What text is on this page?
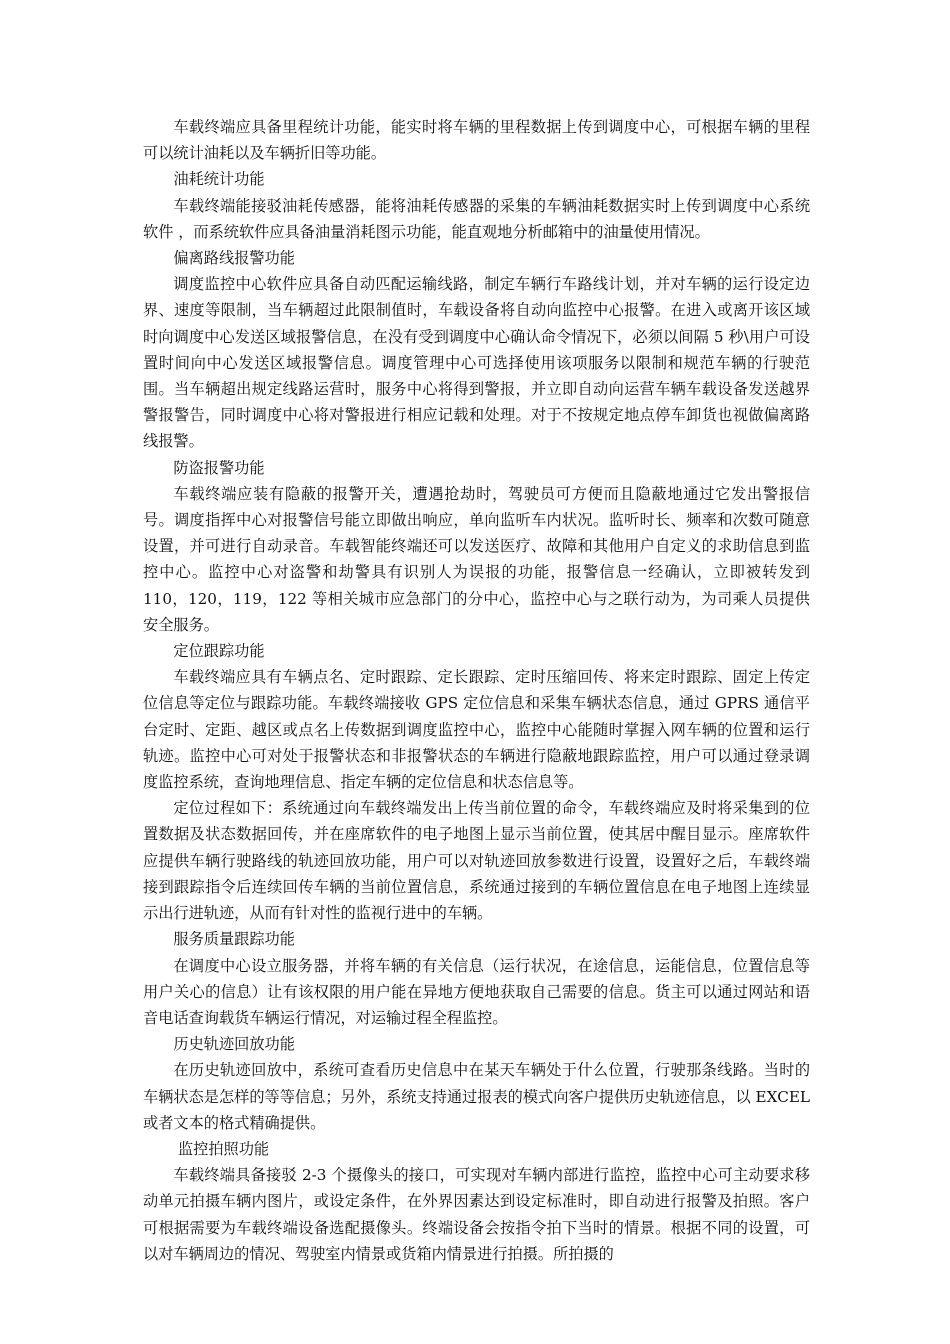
车载终端应具备里程统计功能，能实时将车辆的里程数据上传到调度中心，可根据车辆的里程可以统计油耗以及车辆折旧等功能。

油耗统计功能

车载终端能接驳油耗传感器，能将油耗传感器的采集的车辆油耗数据实时上传到调度中心系统软件 ，而系统软件应具备油量消耗图示功能，能直观地分析邮箱中的油量使用情况。

偏离路线报警功能

调度监控中心软件应具备自动匹配运输线路，制定车辆行车路线计划，并对车辆的运行设定边界、速度等限制，当车辆超过此限制值时，车载设备将自动向监控中心报警。在进入或离开该区域时向调度中心发送区域报警信息，在没有受到调度中心确认命令情况下，必须以间隔 5 秒\用户可设置时间向中心发送区域报警信息。调度管理中心可选择使用该项服务以限制和规范车辆的行驶范围。当车辆超出规定线路运营时，服务中心将得到警报，并立即自动向运营车辆车载设备发送越界警报警告，同时调度中心将对警报进行相应记载和处理。对于不按规定地点停车卸货也视做偏离路线报警。

防盗报警功能

车载终端应装有隐蔽的报警开关，遭遇抢劫时，驾驶员可方便而且隐蔽地通过它发出警报信号。调度指挥中心对报警信号能立即做出响应，单向监听车内状况。监听时长、频率和次数可随意设置，并可进行自动录音。车载智能终端还可以发送医疗、故障和其他用户自定义的求助信息到监控中心。监控中心对盗警和劫警具有识别人为误报的功能，报警信息一经确认，立即被转发到 110，120，119，122 等相关城市应急部门的分中心，监控中心与之联行动为，为司乘人员提供安全服务。

定位跟踪功能

车载终端应具有车辆点名、定时跟踪、定长跟踪、定时压缩回传、将来定时跟踪、固定上传定位信息等定位与跟踪功能。车载终端接收 GPS 定位信息和采集车辆状态信息，通过 GPRS 通信平台定时、定距、越区或点名上传数据到调度监控中心，监控中心能随时掌握入网车辆的位置和运行轨迹。监控中心可对处于报警状态和非报警状态的车辆进行隐蔽地跟踪监控，用户可以通过登录调度监控系统，查询地理信息、指定车辆的定位信息和状态信息等。

定位过程如下：系统通过向车载终端发出上传当前位置的命令，车载终端应及时将采集到的位置数据及状态数据回传，并在座席软件的电子地图上显示当前位置，使其居中醒目显示。座席软件应提供车辆行驶路线的轨迹回放功能，用户可以对轨迹回放参数进行设置，设置好之后，车载终端接到跟踪指令后连续回传车辆的当前位置信息，系统通过接到的车辆位置信息在电子地图上连续显示出行进轨迹，从而有针对性的监视行进中的车辆。

服务质量跟踪功能

在调度中心设立服务器，并将车辆的有关信息（运行状况，在途信息，运能信息，位置信息等用户关心的信息）让有该权限的用户能在异地方便地获取自己需要的信息。货主可以通过网站和语音电话查询载货车辆运行情况，对运输过程全程监控。

历史轨迹回放功能

在历史轨迹回放中，系统可查看历史信息中在某天车辆处于什么位置，行驶那条线路。当时的车辆状态是怎样的等等信息；另外，系统支持通过报表的模式向客户提供历史轨迹信息，以 EXCEL 或者文本的格式精确提供。

监控拍照功能

车载终端具备接驳 2-3 个摄像头的接口，可实现对车辆内部进行监控，监控中心可主动要求移动单元拍摄车辆内图片，或设定条件，在外界因素达到设定标准时，即自动进行报警及拍照。客户可根据需要为车载终端设备选配摄像头。终端设备会按指令拍下当时的情景。根据不同的设置，可以对车辆周边的情况、驾驶室内情景或货箱内情景进行拍摄。所拍摄的
